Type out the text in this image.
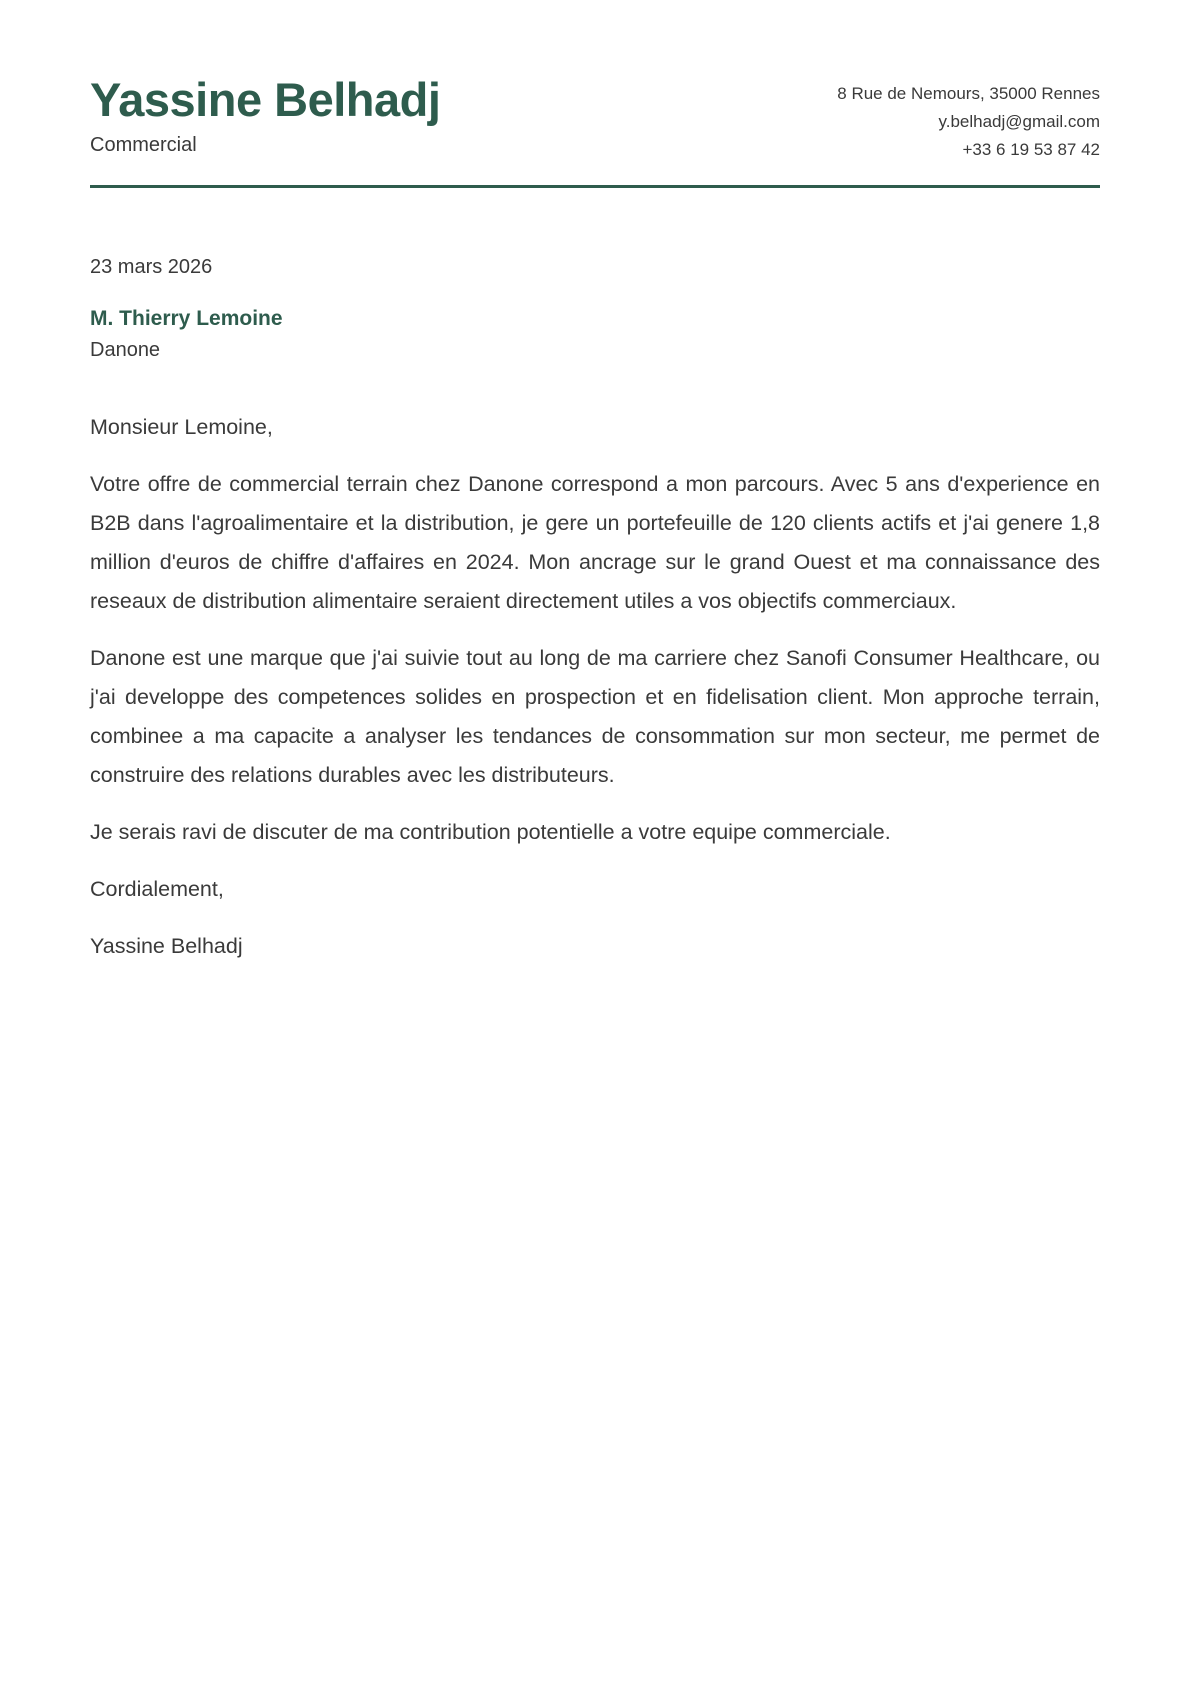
Yassine Belhadj
Commercial
8 Rue de Nemours, 35000 Rennes
y.belhadj@gmail.com
+33 6 19 53 87 42
23 mars 2026
M. Thierry Lemoine
Danone

Monsieur Lemoine,

Votre offre de commercial terrain chez Danone correspond a mon parcours. Avec 5 ans d'experience en B2B dans l'agroalimentaire et la distribution, je gere un portefeuille de 120 clients actifs et j'ai genere 1,8 million d'euros de chiffre d'affaires en 2024. Mon ancrage sur le grand Ouest et ma connaissance des reseaux de distribution alimentaire seraient directement utiles a vos objectifs commerciaux.

Danone est une marque que j'ai suivie tout au long de ma carriere chez Sanofi Consumer Healthcare, ou j'ai developpe des competences solides en prospection et en fidelisation client. Mon approche terrain, combinee a ma capacite a analyser les tendances de consommation sur mon secteur, me permet de construire des relations durables avec les distributeurs.

Je serais ravi de discuter de ma contribution potentielle a votre equipe commerciale.

Cordialement,

Yassine Belhadj
